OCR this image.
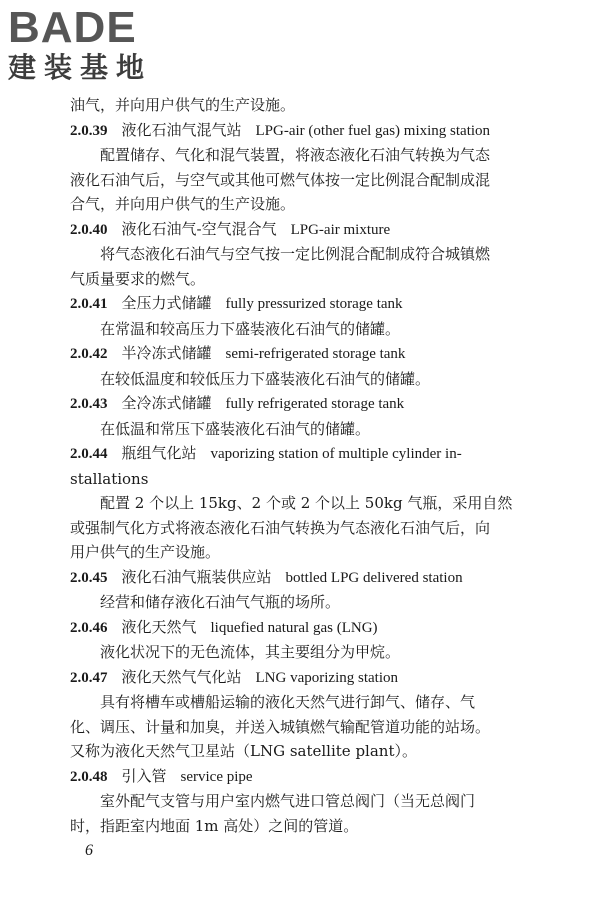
BADE
建装基地
油气，并向用户供气的生产设施。
2.0.39 液化石油气混气站 LPG-air (other fuel gas) mixing station
配置储存、气化和混气装置，将液态液化石油气转换为气态
液化石油气后，与空气或其他可燃气体按一定比例混合配制成混
合气，并向用户供气的生产设施。
2.0.40 液化石油气-空气混合气 LPG-air mixture
将气态液化石油气与空气按一定比例混合配制成符合城镇燃
气质量要求的燃气。
2.0.41 全压力式储罐 fully pressurized storage tank
在常温和较高压力下盛装液化石油气的储罐。
2.0.42 半冷冻式储罐 semi-refrigerated storage tank
在较低温度和较低压力下盛装液化石油气的储罐。
2.0.43 全冷冻式储罐 fully refrigerated storage tank
在低温和常压下盛装液化石油气的储罐。
2.0.44 瓶组气化站 vaporizing station of multiple cylinder in-
stallations
配置 2 个以上 15kg、2 个或 2 个以上 50kg 气瓶，采用自然
或强制气化方式将液态液化石油气转换为气态液化石油气后，向
用户供气的生产设施。
2.0.45 液化石油气瓶装供应站 bottled LPG delivered station
经营和储存液化石油气气瓶的场所。
2.0.46 液化天然气 liquefied natural gas (LNG)
液化状况下的无色流体，其主要组分为甲烷。
2.0.47 液化天然气气化站 LNG vaporizing station
具有将槽车或槽船运输的液化天然气进行卸气、储存、气
化、调压、计量和加臭，并送入城镇燃气输配管道功能的站场。
又称为液化天然气卫星站（LNG satellite plant）。
2.0.48 引入管 service pipe
室外配气支管与用户室内燃气进口管总阀门（当无总阀门
时，指距室内地面 1m 高处）之间的管道。
6
